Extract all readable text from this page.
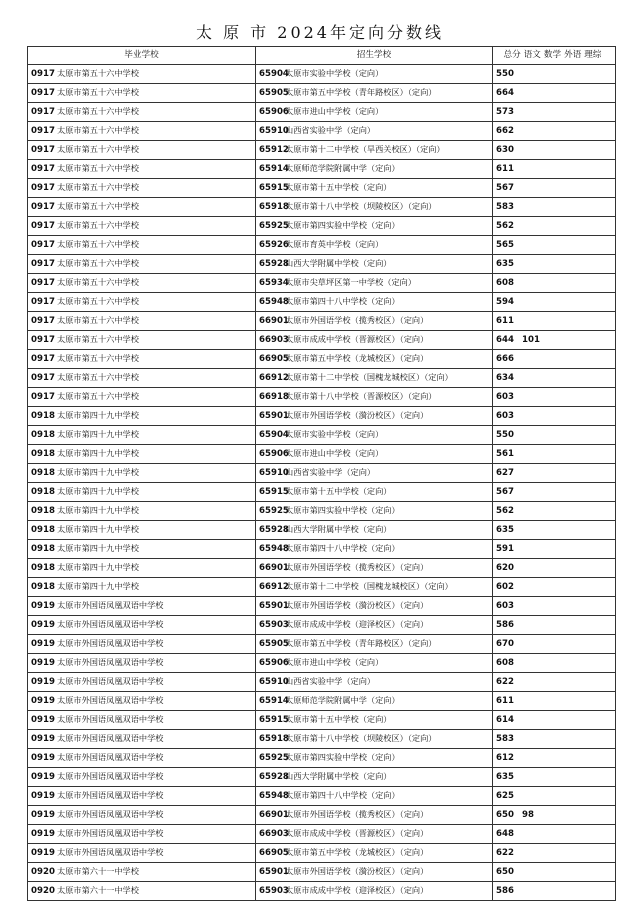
太 原 市 2024年定向分数线
毕业学校	招生学校	总分 语文 数学 外语 理综
0917 太原市第五十六中学校	65904太原市实验中学校（定向）	550
0917 太原市第五十六中学校	65905太原市第五中学校（青年路校区）（定向）	664
0917 太原市第五十六中学校	65906太原市进山中学校（定向）	573
0917 太原市第五十六中学校	65910山西省实验中学（定向）	662
0917 太原市第五十六中学校	65912太原市第十二中学校（旱西关校区）（定向）	630
0917 太原市第五十六中学校	65914太原师范学院附属中学（定向）	611
0917 太原市第五十六中学校	65915太原市第十五中学校（定向）	567
0917 太原市第五十六中学校	65918太原市第十八中学校（坝陵校区）（定向）	583
0917 太原市第五十六中学校	65925太原市第四实验中学校（定向）	562
0917 太原市第五十六中学校	65926太原市育英中学校（定向）	565
0917 太原市第五十六中学校	65928山西大学附属中学校（定向）	635
0917 太原市第五十六中学校	65934太原市尖草坪区第一中学校（定向）	608
0917 太原市第五十六中学校	65948太原市第四十八中学校（定向）	594
0917 太原市第五十六中学校	66901太原市外国语学校（揽秀校区）（定向）	611
0917 太原市第五十六中学校	66903太原市成成中学校（晋源校区）（定向）	644 101
0917 太原市第五十六中学校	66905太原市第五中学校（龙城校区）（定向）	666
0917 太原市第五十六中学校	66912太原市第十二中学校（国槐龙城校区）（定向）	634
0917 太原市第五十六中学校	66918太原市第十八中学校（晋源校区）（定向）	603
0918 太原市第四十九中学校	65901太原市外国语学校（漪汾校区）（定向）	603
0918 太原市第四十九中学校	65904太原市实验中学校（定向）	550
0918 太原市第四十九中学校	65906太原市进山中学校（定向）	561
0918 太原市第四十九中学校	65910山西省实验中学（定向）	627
0918 太原市第四十九中学校	65915太原市第十五中学校（定向）	567
0918 太原市第四十九中学校	65925太原市第四实验中学校（定向）	562
0918 太原市第四十九中学校	65928山西大学附属中学校（定向）	635
0918 太原市第四十九中学校	65948太原市第四十八中学校（定向）	591
0918 太原市第四十九中学校	66901太原市外国语学校（揽秀校区）（定向）	620
0918 太原市第四十九中学校	66912太原市第十二中学校（国槐龙城校区）（定向）	602
0919 太原市外国语凤凰双语中学校	65901太原市外国语学校（漪汾校区）（定向）	603
0919 太原市外国语凤凰双语中学校	65903太原市成成中学校（迎泽校区）（定向）	586
0919 太原市外国语凤凰双语中学校	65905太原市第五中学校（青年路校区）（定向）	670
0919 太原市外国语凤凰双语中学校	65906太原市进山中学校（定向）	608
0919 太原市外国语凤凰双语中学校	65910山西省实验中学（定向）	622
0919 太原市外国语凤凰双语中学校	65914太原师范学院附属中学（定向）	611
0919 太原市外国语凤凰双语中学校	65915太原市第十五中学校（定向）	614
0919 太原市外国语凤凰双语中学校	65918太原市第十八中学校（坝陵校区）（定向）	583
0919 太原市外国语凤凰双语中学校	65925太原市第四实验中学校（定向）	612
0919 太原市外国语凤凰双语中学校	65928山西大学附属中学校（定向）	635
0919 太原市外国语凤凰双语中学校	65948太原市第四十八中学校（定向）	625
0919 太原市外国语凤凰双语中学校	66901太原市外国语学校（揽秀校区）（定向）	650 98
0919 太原市外国语凤凰双语中学校	66903太原市成成中学校（晋源校区）（定向）	648
0919 太原市外国语凤凰双语中学校	66905太原市第五中学校（龙城校区）（定向）	622
0920 太原市第六十一中学校	65901太原市外国语学校（漪汾校区）（定向）	650
0920 太原市第六十一中学校	65903太原市成成中学校（迎泽校区）（定向）	586
